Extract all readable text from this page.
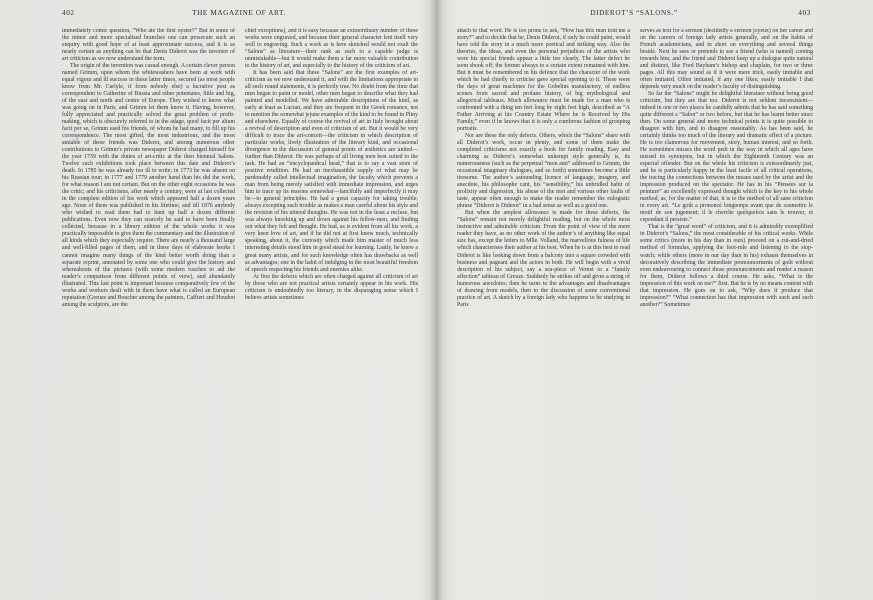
402	THE MAGAZINE OF ART.

immediately comic question, “Who ate the first oyster?” But in some of the minor and more specialised branches one can prosecute such an enquiry with good hope of at least approximate success, and it is as nearly certain as anything can be that Denis Diderot was the inventor of art criticism as we now understand the term.

The origin of the invention was casual enough. A certain clever person named Grimm, upon whom the whitewashers have been at work with equal vigour and ill success in these latter times, secured (as most people know from Mr. Carlyle, if from nobody else) a lucrative post as correspondent to Catherine of Russia and other potentates, little and big, of the east and north and centre of Europe. They wished to know what was going on in Paris, and Grimm let them know it. Having, however, fully appreciated and practically solved the great problem of profit-making, which is obscurely referred to in the adage, quod facit per alium facit per se, Grimm used his friends, of whom he had many, to fill up his correspondence. The most gifted, the most industrious, and the most amiable of these friends was Diderot, and among numerous other contributions to Grimm’s private newspaper Diderot charged himself for the year 1759 with the duties of art-critic at the then biennial Salons. Twelve such exhibitions took place between this date and Diderot’s death. In 1785 he was already too ill to write; in 1773 he was absent on his Russian tour; in 1777 and 1779 another hand than his did the work, for what reason I am not certain. But on the other eight occasions he was the critic; and his criticisms, after nearly a century, were at last collected in the complete edition of his work which appeared half a dozen years ago. None of them was published in his lifetime, and till 1876 anybody who wished to read them had to hunt up half a dozen different publications. Even now they can scarcely be said to have been finally collected, because in a library edition of the whole works it was practically impossible to give them the commentary and the illustration of all kinds which they especially require. There are nearly a thousand large and well-filled pages of them, and in these days of elaborate books I cannot imagine many things of the kind better worth doing than a separate reprint, annotated by some one who could give the history and whereabouts of the pictures (with some modern touches to aid the reader’s comparison from different points of view), and abundantly illustrated. This last point is important because comparatively few of the works and workers dealt with in them have what is called an European reputation (Greuze and Boucher among the painters, Caffieri and Houdon among the sculptors, are the

chief exceptions), and it is easy because an extraordinary number of these works were engraved, and because their general character lent itself very well to engraving. Such a work as is here sketched would not exalt the “Salons” as literature—their rank as such to a capable judge is unmistakable—but it would make them a far more valuable contribution to the history of art, and especially to the history of the criticism of art.

It has been said that these “Salons” are the first examples of art-criticism as we now understand it, and with the limitations appropriate to all such round statements, it is perfectly true. No doubt from the time that men began to paint or model, other men began to describe what they had painted and modelled. We have admirable descriptions of the kind, as early at least as Lucian, and they are frequent in the Greek romance, not to mention the somewhat jejune examples of the kind to be found in Pliny and elsewhere. Equally of course the revival of art in Italy brought about a revival of description and even of criticism of art. But it would be very difficult to trace the art-conceit—the criticism in which description of particular works, lively illustration of the literary kind, and occasional divergence in the discussion of general points of æsthetics are united—further than Diderot. He was perhaps of all living men best suited to the task. He had an “encyclopædical head,” that is to say a vast store of positive erudition. He had an inexhaustible supply of what may be pardonably called intellectual imagination, the faculty which prevents a man from being merely satisfied with immediate impression, and urges him to trace up its reasons somewhat—fancifully and imperfectly it may be—to general principles. He had a great capacity for taking trouble; always excepting such trouble as makes a man careful about his style and the revision of his uttered thoughts. He was not in the least a recluse, but was always knocking up and down against his fellow-men, and finding out what they felt and thought. He had, as is evident from all his work, a very keen love of art, and if he did not at first know much, technically speaking, about it, the curiosity which made him master of much less interesting details stood him in good stead for learning. Lastly, he knew a great many artists, and for such knowledge often has drawbacks as well as advantages; one in the habit of indulging in the most beautiful freedom of speech respecting his friends and enemies alike.

At first the defects which are often charged against all criticism of art by those who are not practical artists certainly appear in his work. His criticism is undoubtedly too literary, in the disparaging sense which I believe artists sometimes

DIDEROT’S “SALONS.”	403

attach to that word. He is too prone to ask, “How has this man told me a story?” and to decide that he, Denis Diderot, if only he could paint, would have told the story in a much more poetical and striking way. Also the theories, the ideas, and even the personal prejudices of the artists who were his special friends appear a little too clearly. The latter defect he soon shook off; the former always to a certain extent remained with him. But it must be remembered in his defence that the character of the work which he had chiefly to criticise gave special opening to it. These were the days of great machines for the Gobelins manufactory, of endless scenes from sacred and profane history, of big mythological and allegorical tableaux. Much allowance must be made for a man who is confronted with a thing ten feet long by eight feet high, described as “A Father Arriving at his Country Estate Where he is Received by His Family,” even if he knows that it is only a cumbrous fashion of grouping portraits.

Nor are these the only defects. Others, which the “Salons” share with all Diderot’s work, occur in plenty, and some of them make the completed criticisms not exactly a book for family reading. Easy and charming as Diderot’s somewhat unkempt style generally is, its numerousness (such as the perpetual “mon ami” addressed to Grimm, the occasional imaginary dialogues, and so forth) sometimes become a little tiresome. The author’s astounding licence of language, imagery, and anecdote, his philosophe cant, his “sensibility,” his unbridled habit of prolixity and digression, his abuse of the mot and various other faults of taste, appear often enough to make the reader remember the eulogistic phrase “Diderot is Diderot” in a bad sense as well as a good one.

But when the amplest allowance is made for these defects, the “Salons” remain not merely delightful reading, but on the whole most instructive and admirable criticism. From the point of view of the mere reader they have, as no other work of the author’s of anything like equal size has, except the letters to Mlle. Volland, the marvellous fulness of life which characterises their author at his best. When he is at this best to read Diderot is like looking down from a balcony into a square crowded with business and pageant and the actors in both. He will begin with a vivid description of his subject, say a sea-piece of Vernet or a “family affection” tableau of Greuze. Suddenly he strikes off and gives a string of humorous anecdotes; then he turns to the advantages and disadvantages of drawing from models, then to the discussion of some conventional practice of art. A sketch by a foreign lady who happens to be studying in Paris

serves as text for a sermon (decidedly a sermon joyeux) on her career and on the careers of foreign lady artists generally, and on the habits of French academicians, and in short on everything and several things beside. Next he sees or pretends to see a friend (who is named) coming towards him, and the friend and Diderot keep up a dialogue quite natural and distinct, like Fred Bayham’s bishop and chaplain, for two or three pages. All this may sound as if it were mere trick, easily imitable and often imitated. Often imitated, if any one likes; easily imitable I that depends very much on the reader’s faculty of distinguishing.

So far the “Salons” might be delightful literature without being good criticism, but they are that too. Diderot is not seldom inconsistent—indeed in one or two places he candidly admits that he has said something quite different a “Salon” or two before, but that he has learnt better since then. On some general and more technical points it is quite possible to disagree with him, and to disagree reasonably. As has been said, he certainly thinks too much of the literary and dramatic effect of a picture. He is too clamorous for movement, story, human interest, and so forth. He sometimes misses the word pedi in the way in which all ages have missed its synonyms, but in which the Eighteenth Century was an especial offender. But on the whole his criticism is extraordinarily just, and he is particularly happy in the least facile of all critical operations, the tracing the connections between the means used by the artist and the impression produced on the spectator. He has in his “Pensées sur la peinture” an excellently expressed thought which is the key to his whole method, as, for the matter of that, it is to the method of all sane criticism in every art. “Le goût a prononcé longtemps avant que de soumettre le motif de son jugement; il le cherche quelquefois sans le trouver, et cependant il persiste.”

That is the “great word” of criticism, and it is admirably exemplified in Diderot’s “Salons,” the most considerable of his critical works. While some critics (more in his day than in ours) proceed on a cut-and-dried method of formulas, applying the foot-rule and listening to the stop-watch; while others (more in our day than in his) exhaust themselves in decoratively describing the immediate pronouncements of goût without even endeavouring to connect those pronouncements and render a reason for them, Diderot follows a third course. He asks, “What is the impression of this work on me?” first. But he is by no means content with that impression. He goes on to ask, “Why does it produce that impression?” “What connection has that impression with such and such another?” Sometimes
